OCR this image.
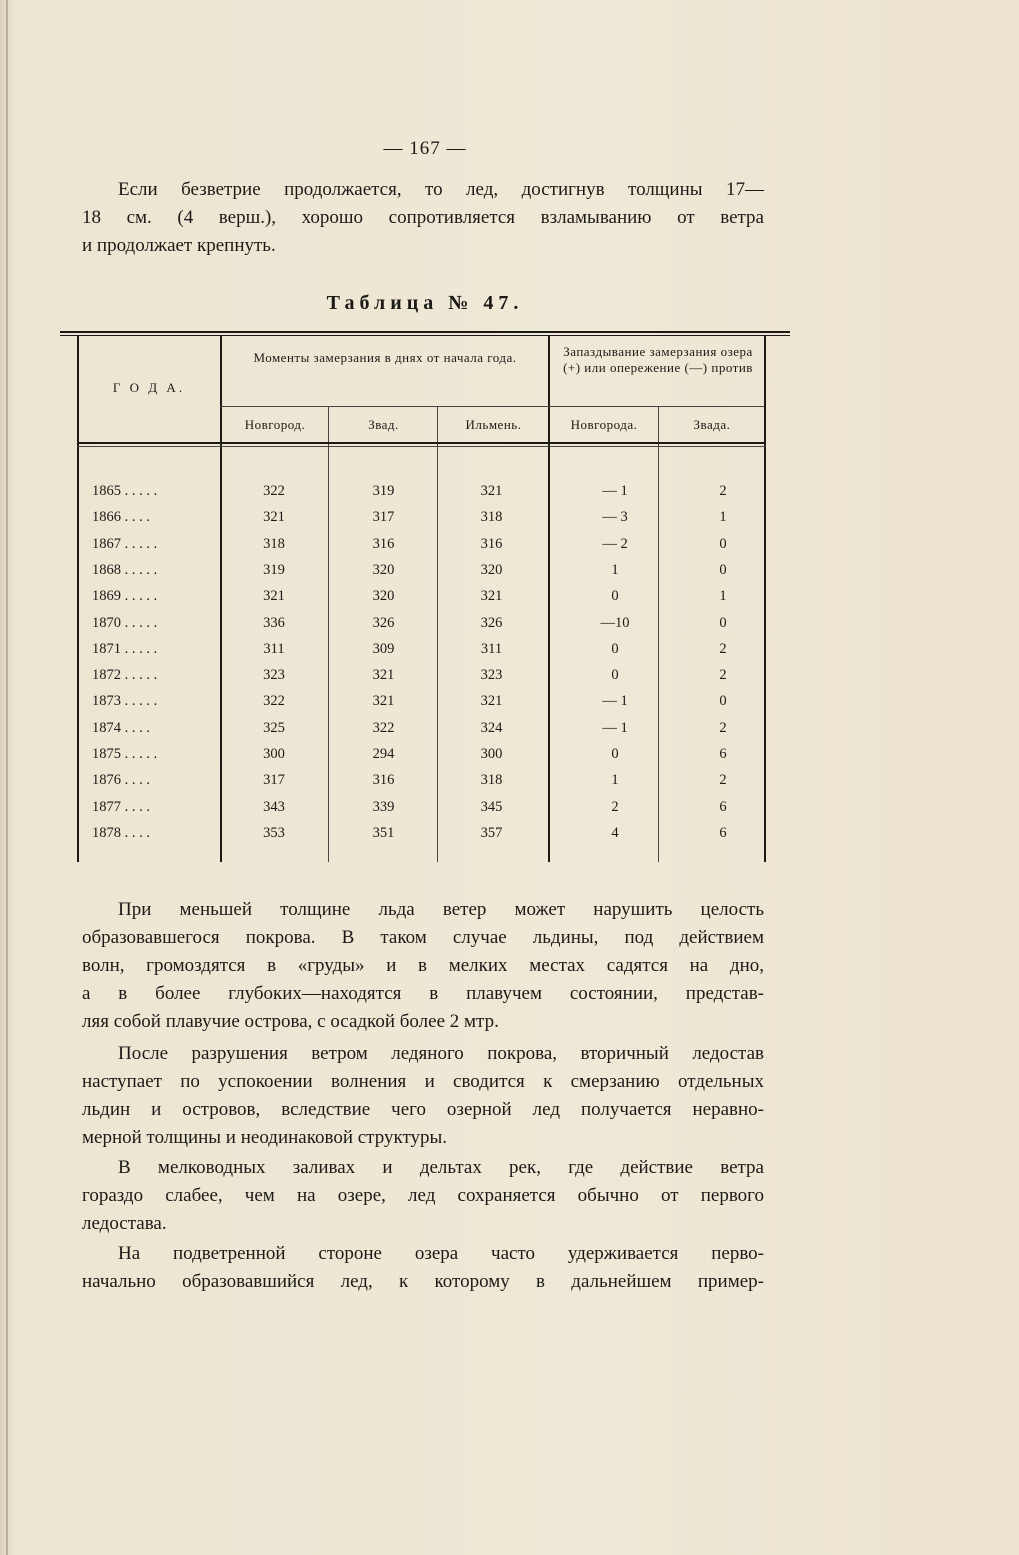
— 167 —
Если безветрие продолжается, то лед, достигнув толщины 17—
18 см. (4 верш.), хорошо сопротивляется взламыванию от ветра
и продолжает крепнуть.
Таблица № 47.
Г О Д А.
Моменты замерзания в днях от начала года.	Запаздывание замерзания озера (+) или опережение (—) против
Новгород.	Звад.	Ильмень.	Новгорода.	Звада.
1865 . . . . .	322	319	321	— 1	2
1866 . . . .	321	317	318	— 3	1
1867 . . . . .	318	316	316	— 2	0
1868 . . . . .	319	320	320	1	0
1869 . . . . .	321	320	321	0	1
1870 . . . . .	336	326	326	—10	0
1871 . . . . .	311	309	311	0	2
1872 . . . . .	323	321	323	0	2
1873 . . . . .	322	321	321	— 1	0
1874 . . . .	325	322	324	— 1	2
1875 . . . . .	300	294	300	0	6
1876 . . . .	317	316	318	1	2
1877 . . . .	343	339	345	2	6
1878 . . . .	353	351	357	4	6
При меньшей толщине льда ветер может нарушить целость
образовавшегося покрова. В таком случае льдины, под действием
волн, громоздятся в «груды» и в мелких местах садятся на дно,
а в более глубоких—находятся в плавучем состоянии, представ-
ляя собой плавучие острова, с осадкой более 2 мтр.
После разрушения ветром ледяного покрова, вторичный ледостав
наступает по успокоении волнения и сводится к смерзанию отдельных
льдин и островов, вследствие чего озерной лед получается неравно-
мерной толщины и неодинаковой структуры.
В мелководных заливах и дельтах рек, где действие ветра
гораздо слабее, чем на озере, лед сохраняется обычно от первого
ледостава.
На подветренной стороне озера часто удерживается перво-
начально образовавшийся лед, к которому в дальнейшем пример-
